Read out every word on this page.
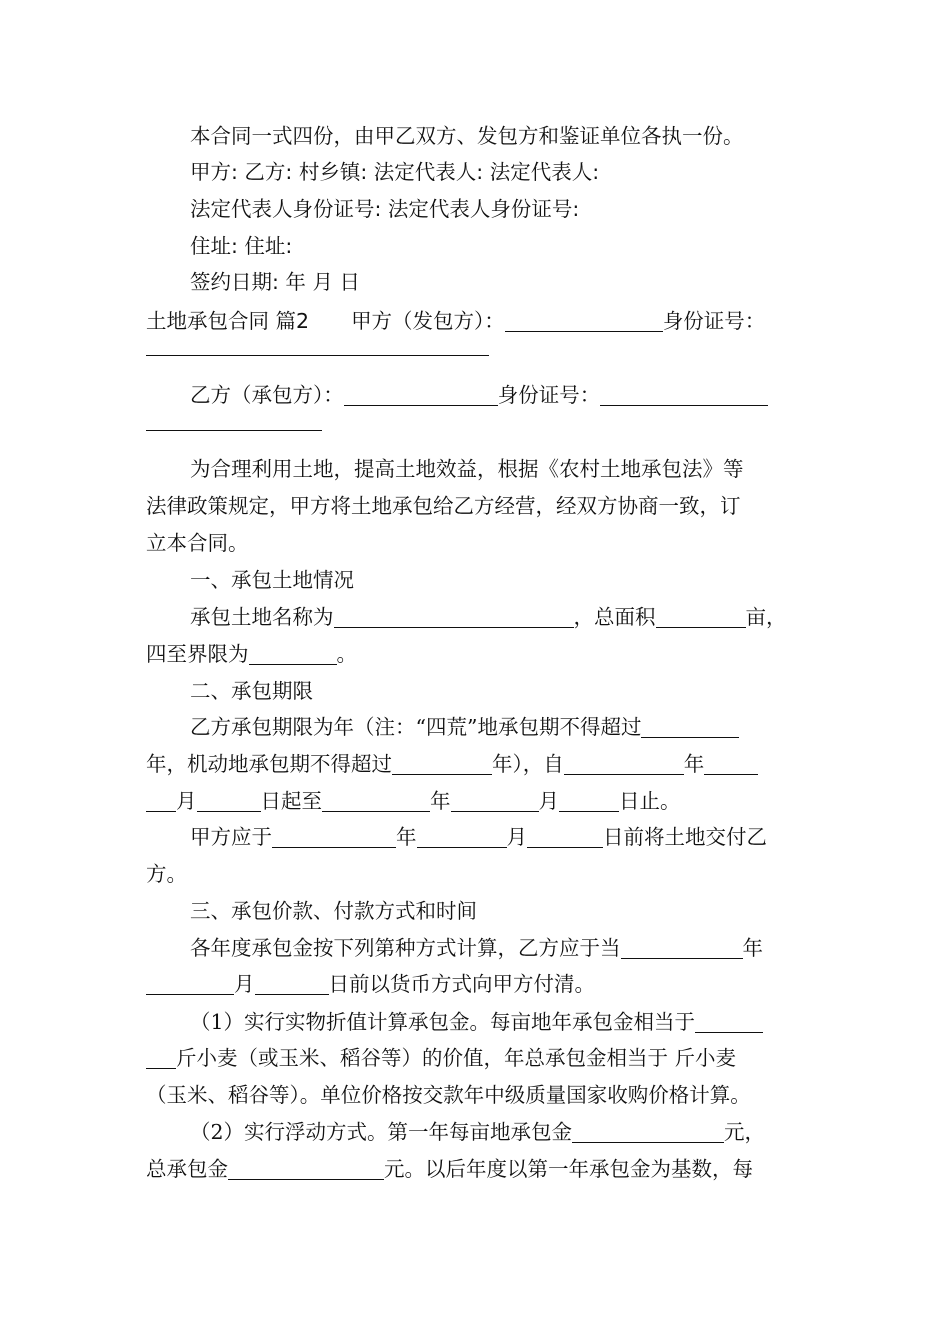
本合同一式四份，由甲乙双方、发包方和鉴证单位各执一份。
甲方: 乙方: 村乡镇: 法定代表人: 法定代表人:
法定代表人身份证号: 法定代表人身份证号:
住址: 住址:
签约日期: 年 月 日
土地承包合同 篇2 甲方（发包方）：	身份证号：
乙方（承包方）：	身份证号：
为合理利用土地，提高土地效益，根据《农村土地承包法》等
法律政策规定，甲方将土地承包给乙方经营，经双方协商一致，订
立本合同。
一、承包土地情况
承包土地名称为	，总面积	亩，
四至界限为	。
二、承包期限
乙方承包期限为年（注：“四荒”地承包期不得超过
年，机动地承包期不得超过	年），自	年
月	日起至	年	月	日止。
甲方应于	年	月	日前将土地交付乙
方。
三、承包价款、付款方式和时间
各年度承包金按下列第种方式计算，乙方应于当	年
月	日前以货币方式向甲方付清。
（1）实行实物折值计算承包金。每亩地年承包金相当于
斤小麦（或玉米、稻谷等）的价值，年总承包金相当于 斤小麦
（玉米、稻谷等）。单位价格按交款年中级质量国家收购价格计算。
（2）实行浮动方式。第一年每亩地承包金	元，
总承包金	元。以后年度以第一年承包金为基数，每
